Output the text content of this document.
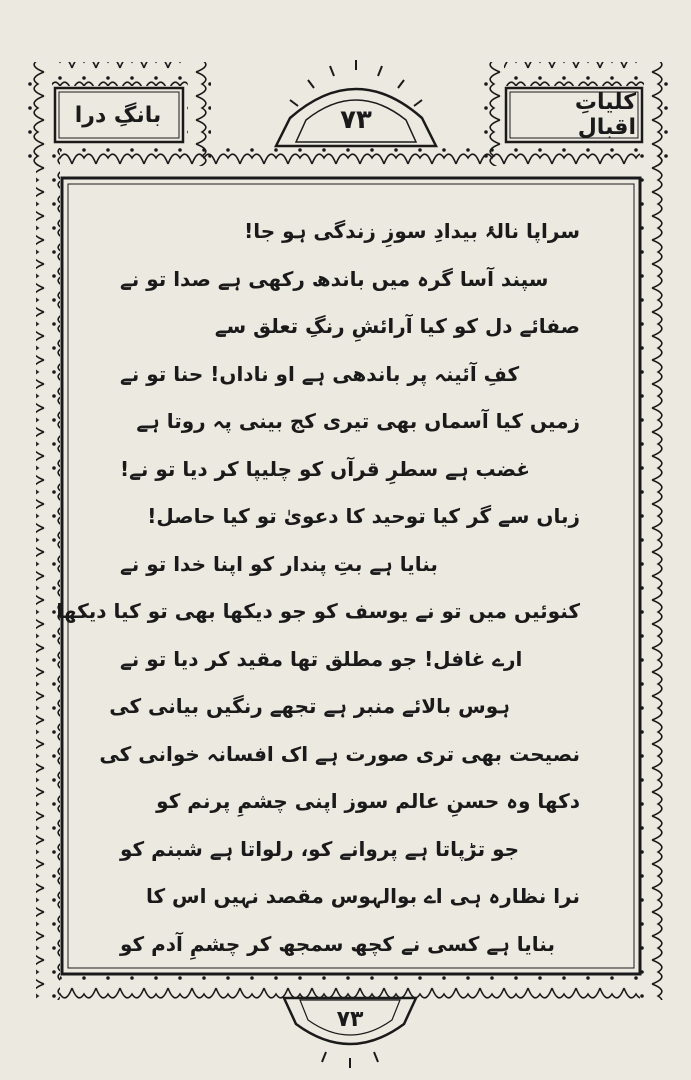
بانگِ درا	کلیاتِ اقبال
۷۳
سراپا نالۂ بیدادِ سوزِ زندگی ہو جا!
سپند آسا گرہ میں باندھ رکھی ہے صدا تو نے
صفائے دل کو کیا آرائشِ رنگِ تعلق سے
کفِ آئینہ پر باندھی ہے او ناداں! حنا تو نے
زمیں کیا آسماں بھی تیری کج بینی پہ روتا ہے
غضب ہے سطرِ قرآں کو چلیپا کر دیا تو نے!
زباں سے گر کیا توحید کا دعویٰ تو کیا حاصل!
بنایا ہے بتِ پندار کو اپنا خدا تو نے
کنوئیں میں تو نے یوسف کو جو دیکھا بھی تو کیا دیکھا
ارے غافل! جو مطلق تھا مقید کر دیا تو نے
ہوس بالائے منبر ہے تجھے رنگیں بیانی کی
نصیحت بھی تری صورت ہے اک افسانہ خوانی کی
دکھا وہ حسنِ عالم سوز اپنی چشمِ پرنم کو
جو تڑپاتا ہے پروانے کو، رلواتا ہے شبنم کو
نرا نظارہ ہی اے بوالہوس مقصد نہیں اس کا
بنایا ہے کسی نے کچھ سمجھ کر چشمِ آدم کو
۷۳
